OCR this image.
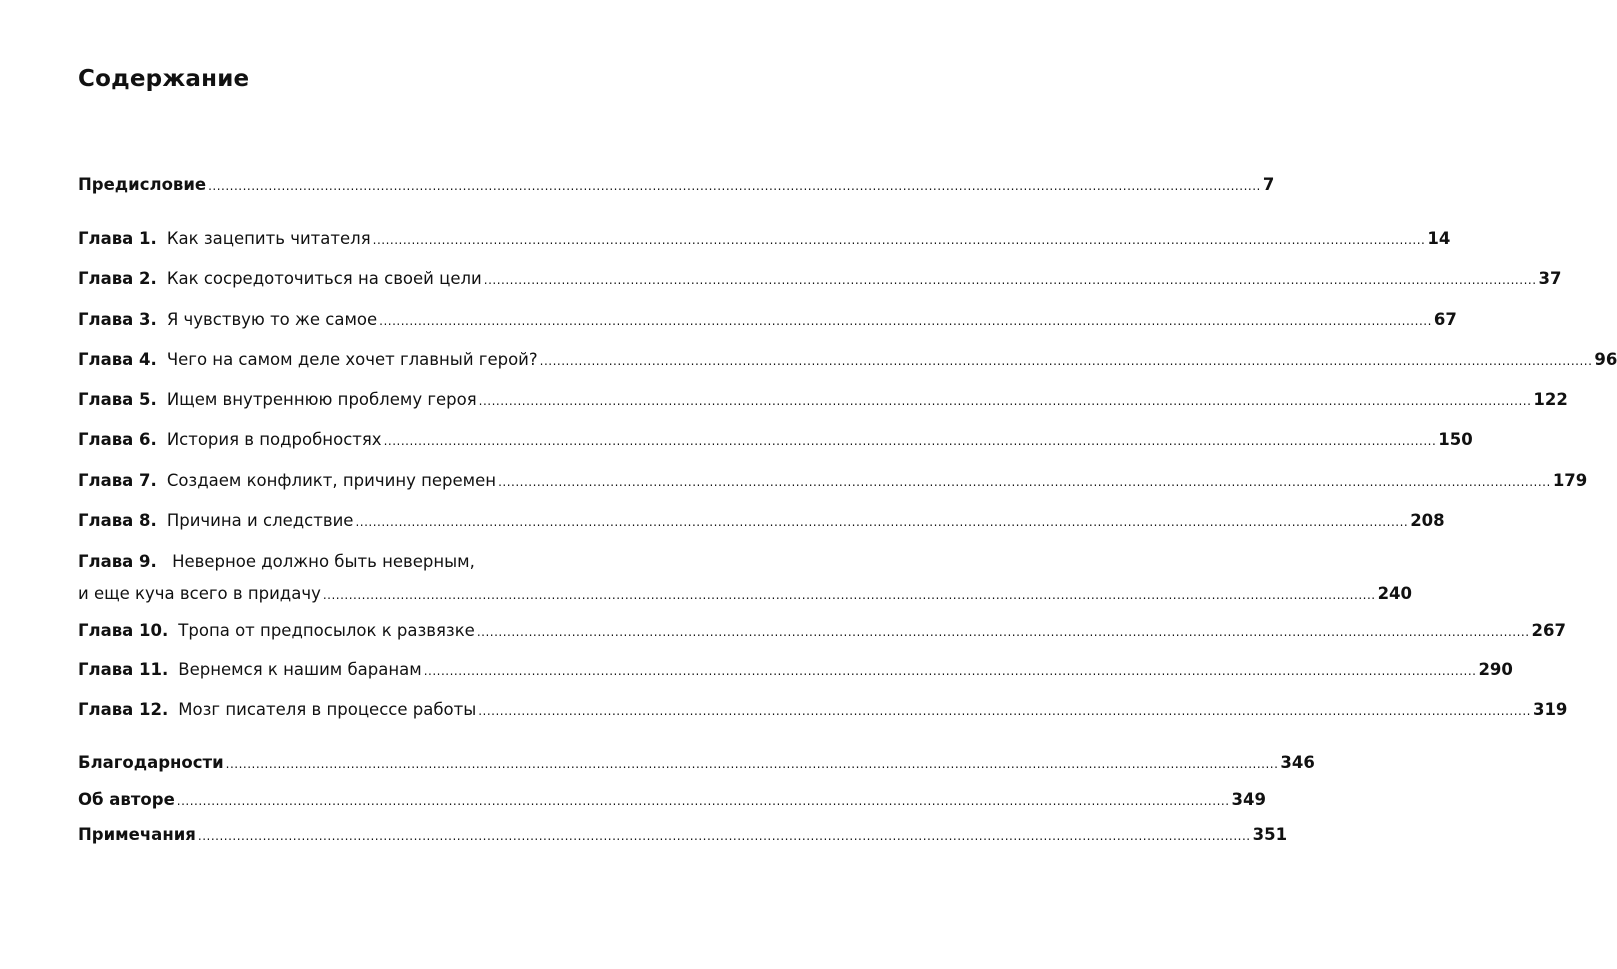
Содержание
Предисловие .....	7
Глава 1. Как зацепить читателя .....	14
Глава 2. Как сосредоточиться на своей цели .....	37
Глава 3. Я чувствую то же самое .....	67
Глава 4. Чего на самом деле хочет главный герой? .....	96
Глава 5. Ищем внутреннюю проблему героя .....	122
Глава 6. История в подробностях .....	150
Глава 7. Создаем конфликт, причину перемен .....	179
Глава 8. Причина и следствие .....	208
Глава 9. Неверное должно быть неверным,
и еще куча всего в придачу .....	240
Глава 10. Тропа от предпосылок к развязке .....	267
Глава 11. Вернемся к нашим баранам .....	290
Глава 12. Мозг писателя в процессе работы .....	319
Благодарности .....	346
Об авторе .....	349
Примечания .....	351
